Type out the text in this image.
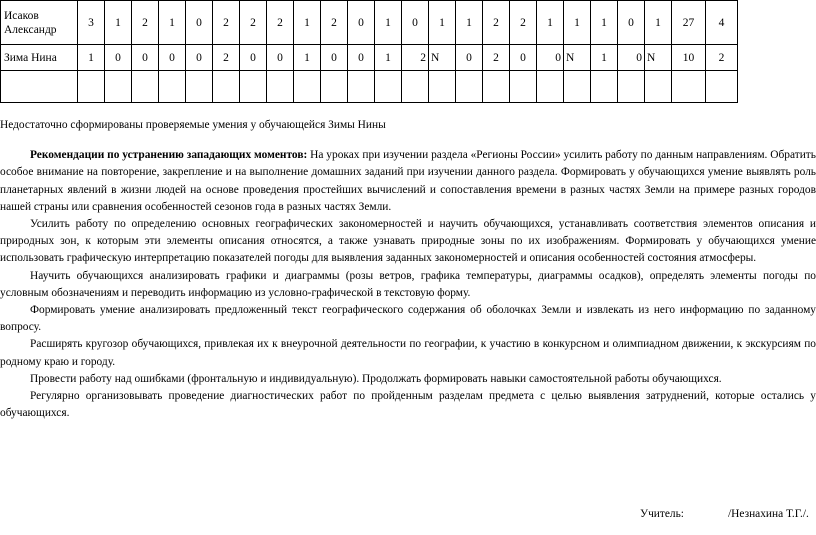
Исаков Александр	3	1	2	1	0	2	2	2	1	2	0	1	0	1	1	2	2	1	1	1	0	1	27	4
Зима Нина	1	0	0	0	0	2	0	0	1	0	0	1	2	N	0	2	0	0	N	1	0	N	10	2

Недостаточно сформированы проверяемые умения у обучающейся Зимы Нины

Рекомендации по устранению западающих моментов: На уроках при изучении раздела «Регионы России» усилить работу по данным направлениям. Обратить особое внимание на повторение, закрепление и на выполнение домашних заданий при изучении данного раздела. Формировать у обучающихся умение выявлять роль планетарных явлений в жизни людей на основе проведения простейших вычислений и сопоставления времени в разных частях Земли на примере разных городов нашей страны или сравнения особенностей сезонов года в разных частях Земли.

Усилить работу по определению основных географических закономерностей и научить обучающихся, устанавливать соответствия элементов описания и природных зон, к которым эти элементы описания относятся, а также узнавать природные зоны по их изображениям. Формировать у обучающихся умение использовать графическую интерпретацию показателей погоды для выявления заданных закономерностей и описания особенностей состояния атмосферы.

Научить обучающихся анализировать графики и диаграммы (розы ветров, графика температуры, диаграммы осадков), определять элементы погоды по условным обозначениям и переводить информацию из условно-графической в текстовую форму.

Формировать умение анализировать предложенный текст географического содержания об оболочках Земли и извлекать из него информацию по заданному вопросу.

Расширять кругозор обучающихся, привлекая их к внеурочной деятельности по географии, к участию в конкурсном и олимпиадном движении, к экскурсиям по родному краю и городу.

Провести работу над ошибками (фронтальную и индивидуальную). Продолжать формировать навыки самостоятельной работы обучающихся.

Регулярно организовывать проведение диагностических работ по пройденным разделам предмета с целью выявления затруднений, которые остались у обучающихся.

Учитель:	/Незнахина Т.Г./.
